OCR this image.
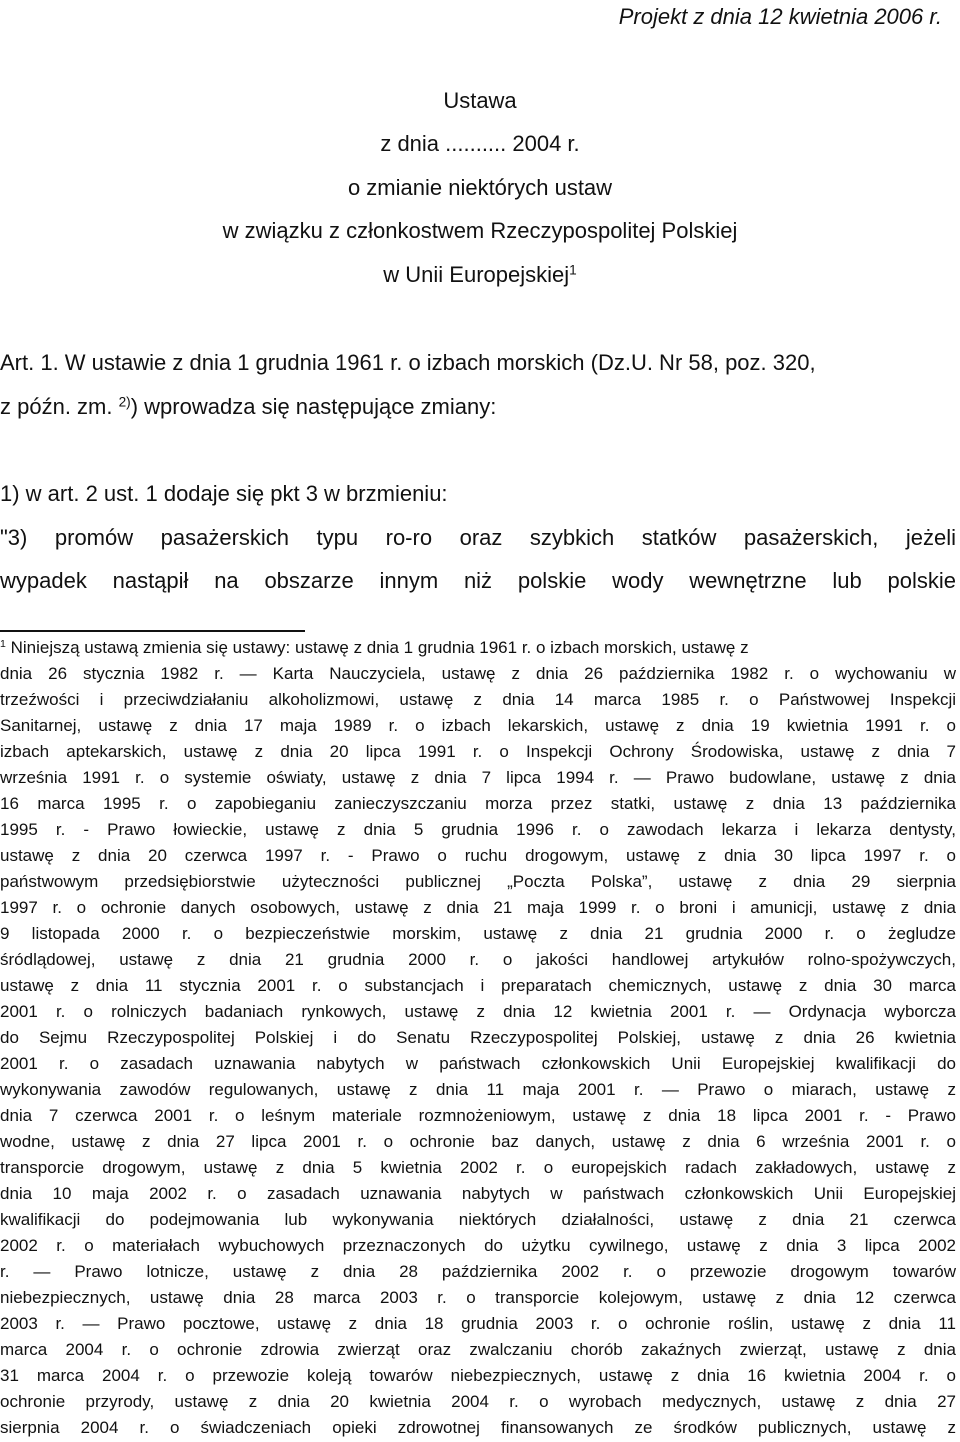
Projekt z dnia 12 kwietnia 2006 r.
Ustawa
z dnia .......... 2004 r.
o zmianie niektórych ustaw
w związku z członkostwem Rzeczypospolitej Polskiej
w Unii Europejskiej$^1$
Art. 1. W ustawie z dnia 1 grudnia 1961 r. o izbach morskich (Dz.U. Nr 58, poz. 320,
z późn. zm. $^{2)}$) wprowadza się następujące zmiany:
1) w art. 2 ust. 1 dodaje się pkt 3 w brzmieniu:
"3) promów pasażerskich typu ro-ro oraz szybkich statków pasażerskich, jeżeli
wypadek nastąpił na obszarze innym niż polskie wody wewnętrzne lub polskie
$^1$ Niniejszą ustawą zmienia się ustawy: ustawę z dnia 1 grudnia 1961 r. o izbach morskich, ustawę z
dnia 26 stycznia 1982 r. — Karta Nauczyciela, ustawę z dnia 26 października 1982 r. o wychowaniu w
trzeźwości i przeciwdziałaniu alkoholizmowi, ustawę z dnia 14 marca 1985 r. o Państwowej Inspekcji
Sanitarnej, ustawę z dnia 17 maja 1989 r. o izbach lekarskich, ustawę z dnia 19 kwietnia 1991 r. o
izbach aptekarskich, ustawę z dnia 20 lipca 1991 r. o Inspekcji Ochrony Środowiska, ustawę z dnia 7
września 1991 r. o systemie oświaty, ustawę z dnia 7 lipca 1994 r. — Prawo budowlane, ustawę z dnia
16 marca 1995 r. o zapobieganiu zanieczyszczaniu morza przez statki, ustawę z dnia 13 października
1995 r. - Prawo łowieckie, ustawę z dnia 5 grudnia 1996 r. o zawodach lekarza i lekarza dentysty,
ustawę z dnia 20 czerwca 1997 r. - Prawo o ruchu drogowym, ustawę z dnia 30 lipca 1997 r. o
państwowym przedsiębiorstwie użyteczności publicznej „Poczta Polska”, ustawę z dnia 29 sierpnia
1997 r. o ochronie danych osobowych, ustawę z dnia 21 maja 1999 r. o broni i amunicji, ustawę z dnia
9 listopada 2000 r. o bezpieczeństwie morskim, ustawę z dnia 21 grudnia 2000 r. o żegludze
śródlądowej, ustawę z dnia 21 grudnia 2000 r. o jakości handlowej artykułów rolno-spożywczych,
ustawę z dnia 11 stycznia 2001 r. o substancjach i preparatach chemicznych, ustawę z dnia 30 marca
2001 r. o rolniczych badaniach rynkowych, ustawę z dnia 12 kwietnia 2001 r. — Ordynacja wyborcza
do Sejmu Rzeczypospolitej Polskiej i do Senatu Rzeczypospolitej Polskiej, ustawę z dnia 26 kwietnia
2001 r. o zasadach uznawania nabytych w państwach członkowskich Unii Europejskiej kwalifikacji do
wykonywania zawodów regulowanych, ustawę z dnia 11 maja 2001 r. — Prawo o miarach, ustawę z
dnia 7 czerwca 2001 r. o leśnym materiale rozmnożeniowym, ustawę z dnia 18 lipca 2001 r. - Prawo
wodne, ustawę z dnia 27 lipca 2001 r. o ochronie baz danych, ustawę z dnia 6 września 2001 r. o
transporcie drogowym, ustawę z dnia 5 kwietnia 2002 r. o europejskich radach zakładowych, ustawę z
dnia 10 maja 2002 r. o zasadach uznawania nabytych w państwach członkowskich Unii Europejskiej
kwalifikacji do podejmowania lub wykonywania niektórych działalności, ustawę z dnia 21 czerwca
2002 r. o materiałach wybuchowych przeznaczonych do użytku cywilnego, ustawę z dnia 3 lipca 2002
r. — Prawo lotnicze, ustawę z dnia 28 października 2002 r. o przewozie drogowym towarów
niebezpiecznych, ustawę dnia 28 marca 2003 r. o transporcie kolejowym, ustawę z dnia 12 czerwca
2003 r. — Prawo pocztowe, ustawę z dnia 18 grudnia 2003 r. o ochronie roślin, ustawę z dnia 11
marca 2004 r. o ochronie zdrowia zwierząt oraz zwalczaniu chorób zakaźnych zwierząt, ustawę z dnia
31 marca 2004 r. o przewozie koleją towarów niebezpiecznych, ustawę z dnia 16 kwietnia 2004 r. o
ochronie przyrody, ustawę z dnia 20 kwietnia 2004 r. o wyrobach medycznych, ustawę z dnia 27
sierpnia 2004 r. o świadczeniach opieki zdrowotnej finansowanych ze środków publicznych, ustawę z
